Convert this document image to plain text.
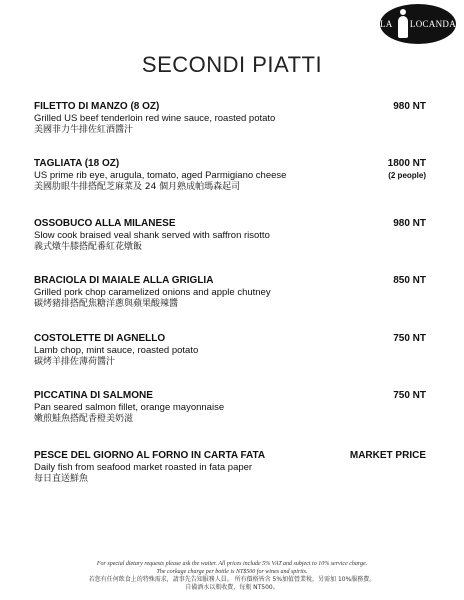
LA LOCANDA
SECONDI PIATTI
FILETTO DI MANZO (8 OZ)
Grilled US beef tenderloin red wine sauce, roasted potato
美國菲力牛排佐紅酒醬汁
980 NT
TAGLIATA (18 OZ)
US prime rib eye, arugula, tomato, aged Parmigiano cheese
美國肋眼牛排搭配芝麻菜及 24 個月熟成帕瑪森起司
1800 NT
(2 people)
OSSOBUCO ALLA MILANESE
Slow cook braised veal shank served with saffron risotto
義式燉牛膝搭配番紅花燉飯
980 NT
BRACIOLA DI MAIALE ALLA GRIGLIA
Grilled pork chop caramelized onions and apple chutney
碳烤豬排搭配焦糖洋蔥與蘋果酸辣醬
850 NT
COSTOLETTE DI AGNELLO
Lamb chop, mint sauce, roasted potato
碳烤羊排佐薄荷醬汁
750 NT
PICCATINA DI SALMONE
Pan seared salmon fillet, orange mayonnaise
嫩煎鮭魚搭配香橙美奶滋
750 NT
PESCE DEL GIORNO AL FORNO IN CARTA FATA
Daily fish from seafood market roasted in fata paper
每日直送鮮魚
MARKET PRICE
For special dietary requests please ask the waiter. All prices include 5% VAT and subject to 10% service charge.
The corkage charge per bottle is NT$500 for wines and spirits.
若您有任何飲食上的特殊需求，請事先告知服務人員。 所有價格皆含 5%加值營業稅，另需加 10%服務費。
自備酒水以瓶收費，每瓶 NT500。
